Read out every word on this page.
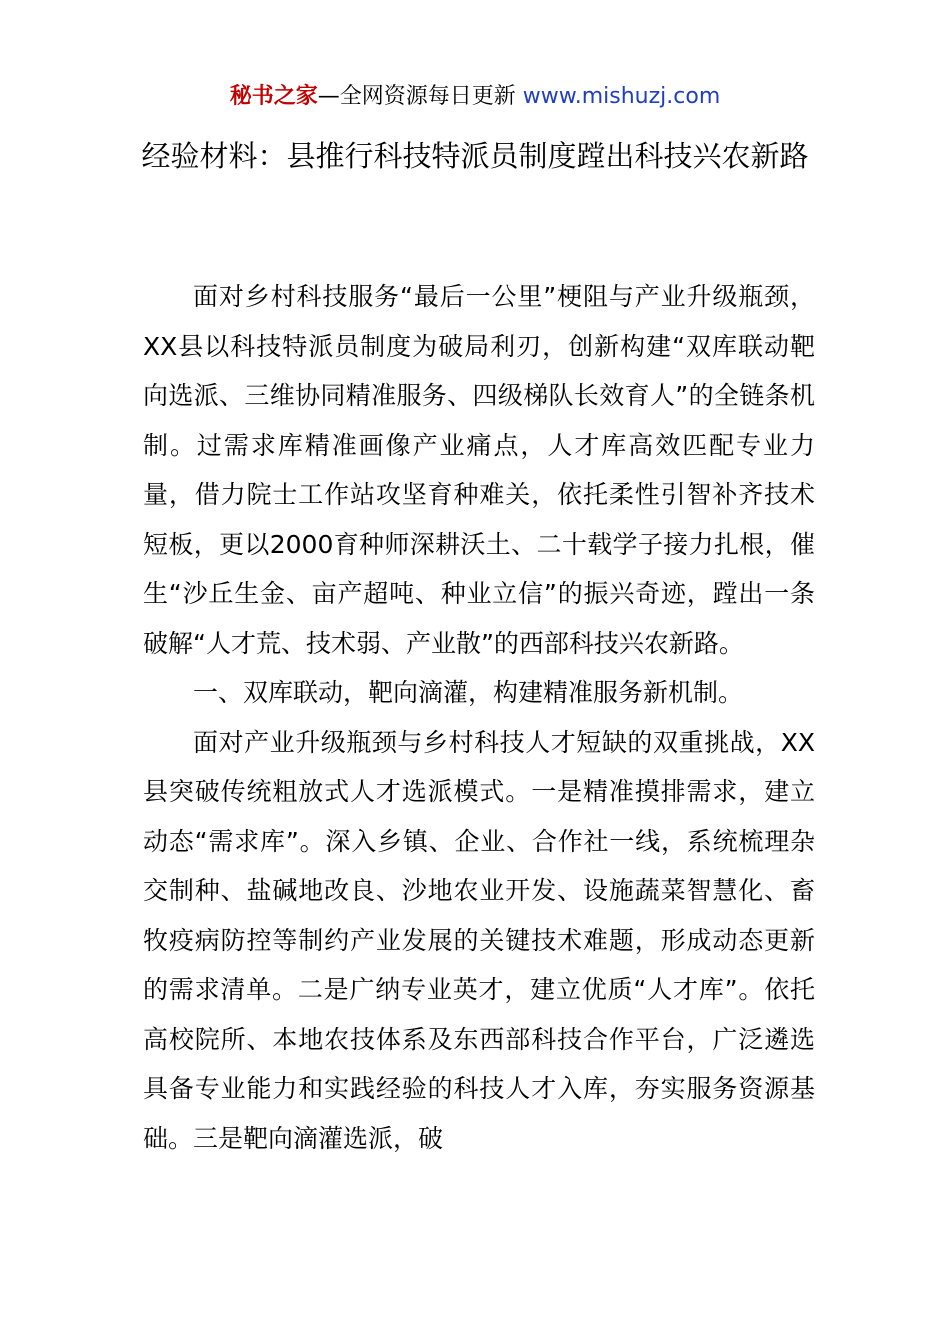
秘书之家—全网资源每日更新 www.mishuzj.com
经验材料：县推行科技特派员制度蹚出科技兴农新路

面对乡村科技服务“最后一公里”梗阻与产业升级瓶颈，XX县以科技特派员制度为破局利刃，创新构建“双库联动靶向选派、三维协同精准服务、四级梯队长效育人”的全链条机制。过需求库精准画像产业痛点，人才库高效匹配专业力量，借力院士工作站攻坚育种难关，依托柔性引智补齐技术短板，更以2000育种师深耕沃土、二十载学子接力扎根，催生“沙丘生金、亩产超吨、种业立信”的振兴奇迹，蹚出一条破解“人才荒、技术弱、产业散”的西部科技兴农新路。

一、双库联动，靶向滴灌，构建精准服务新机制。

面对产业升级瓶颈与乡村科技人才短缺的双重挑战，XX县突破传统粗放式人才选派模式。一是精准摸排需求，建立动态“需求库”。深入乡镇、企业、合作社一线，系统梳理杂交制种、盐碱地改良、沙地农业开发、设施蔬菜智慧化、畜牧疫病防控等制约产业发展的关键技术难题，形成动态更新的需求清单。二是广纳专业英才，建立优质“人才库”。依托高校院所、本地农技体系及东西部科技合作平台，广泛遴选具备专业能力和实践经验的科技人才入库，夯实服务资源基础。三是靶向滴灌选派，破
